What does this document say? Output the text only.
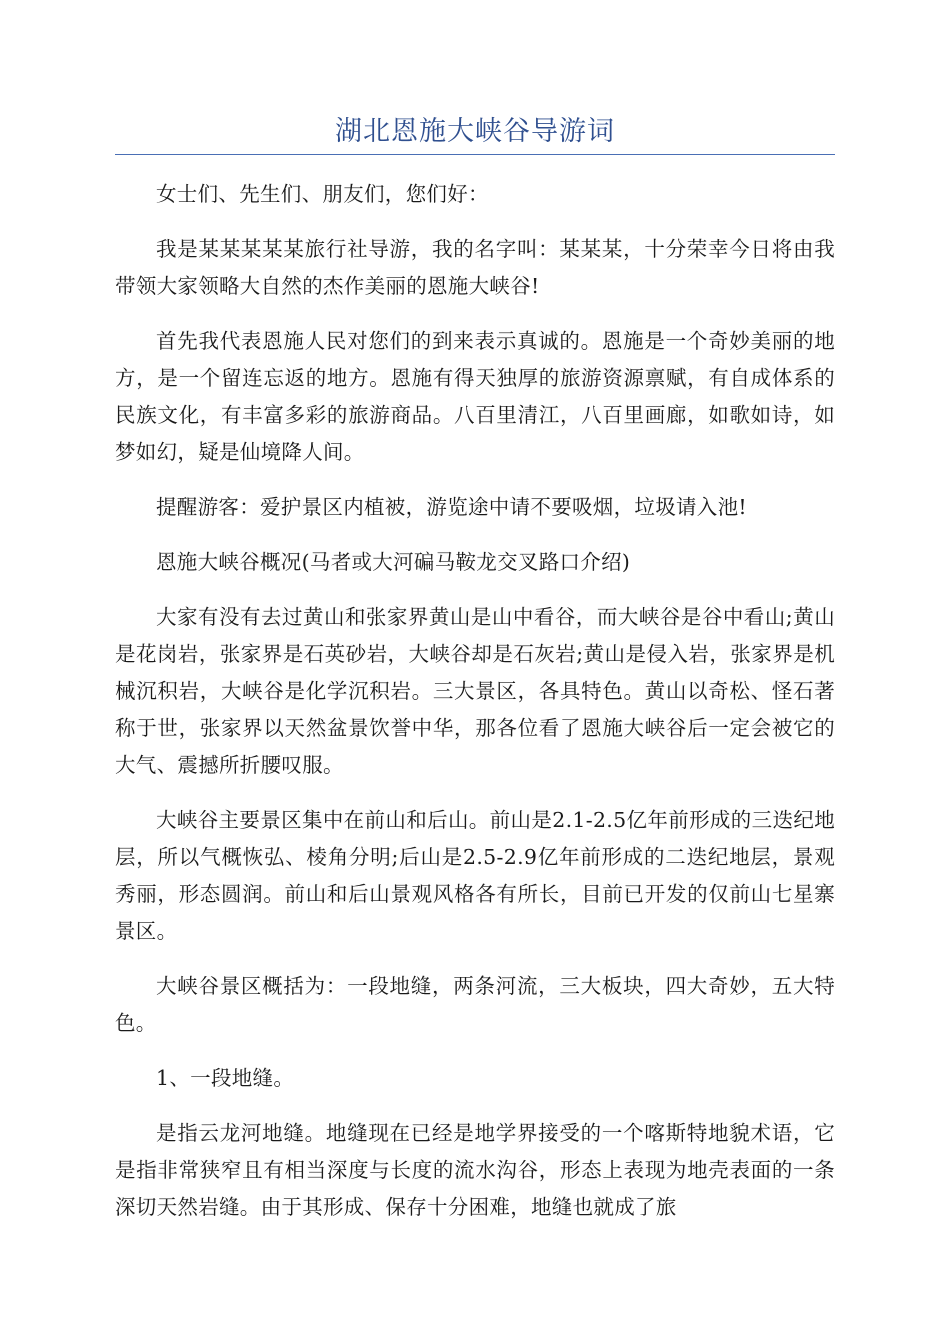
湖北恩施大峡谷导游词

女士们、先生们、朋友们，您们好：

我是某某某某某旅行社导游，我的名字叫：某某某，十分荣幸今日将由我带领大家领略大自然的杰作美丽的恩施大峡谷!

首先我代表恩施人民对您们的到来表示真诚的。恩施是一个奇妙美丽的地方，是一个留连忘返的地方。恩施有得天独厚的旅游资源禀赋，有自成体系的民族文化，有丰富多彩的旅游商品。八百里清江，八百里画廊，如歌如诗，如梦如幻，疑是仙境降人间。

提醒游客：爱护景区内植被，游览途中请不要吸烟，垃圾请入池!

恩施大峡谷概况(马者或大河碥马鞍龙交叉路口介绍)

大家有没有去过黄山和张家界黄山是山中看谷，而大峡谷是谷中看山;黄山是花岗岩，张家界是石英砂岩，大峡谷却是石灰岩;黄山是侵入岩，张家界是机械沉积岩，大峡谷是化学沉积岩。三大景区，各具特色。黄山以奇松、怪石著称于世，张家界以天然盆景饮誉中华，那各位看了恩施大峡谷后一定会被它的大气、震撼所折腰叹服。

大峡谷主要景区集中在前山和后山。前山是2.1-2.5亿年前形成的三迭纪地层，所以气概恢弘、棱角分明;后山是2.5-2.9亿年前形成的二迭纪地层，景观秀丽，形态圆润。前山和后山景观风格各有所长，目前已开发的仅前山七星寨景区。

大峡谷景区概括为：一段地缝，两条河流，三大板块，四大奇妙，五大特色。

1、一段地缝。

是指云龙河地缝。地缝现在已经是地学界接受的一个喀斯特地貌术语，它是指非常狭窄且有相当深度与长度的流水沟谷，形态上表现为地壳表面的一条深切天然岩缝。由于其形成、保存十分困难，地缝也就成了旅
